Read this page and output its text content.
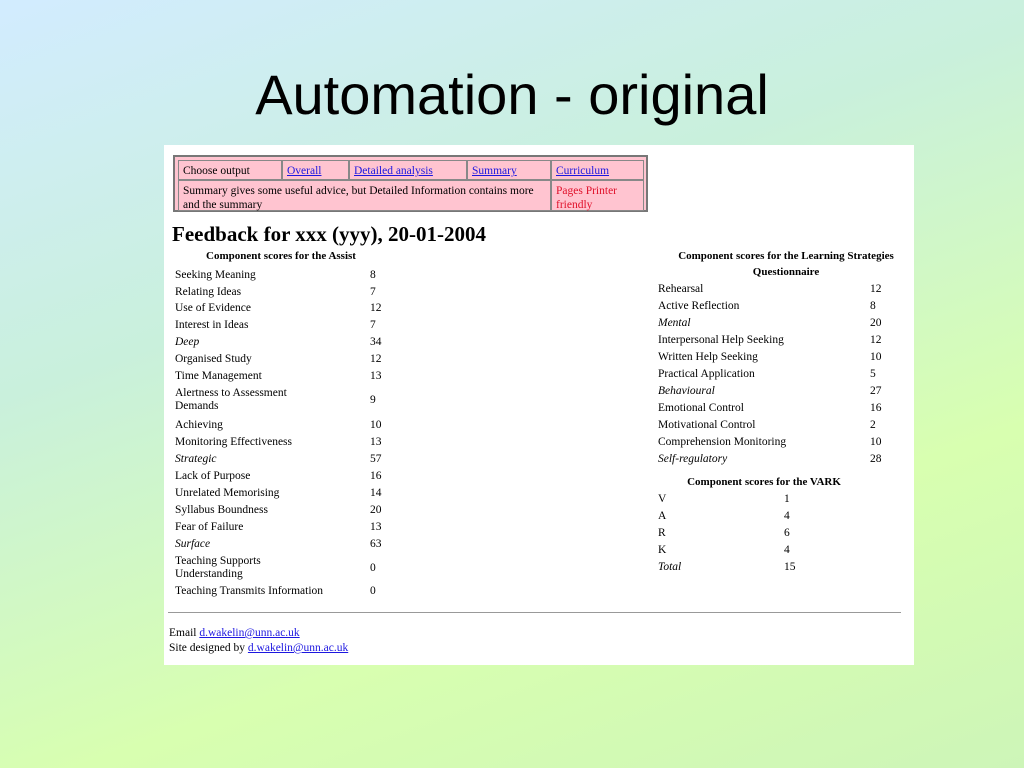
Automation - original
Choose output	Overall	Detailed analysis	Summary	Curriculum
Summary gives some useful advice, but Detailed Information contains more and the summary
Pages Printer friendly
Feedback for xxx (yyy), 20-01-2004
Component scores for the Assist
Seeking Meaning	8
Relating Ideas	7
Use of Evidence	12
Interest in Ideas	7
Deep	34
Organised Study	12
Time Management	13
Alertness to Assessment Demands	9
Achieving	10
Monitoring Effectiveness	13
Strategic	57
Lack of Purpose	16
Unrelated Memorising	14
Syllabus Boundness	20
Fear of Failure	13
Surface	63
Teaching Supports Understanding	0
Teaching Transmits Information	0
Component scores for the Learning Strategies Questionnaire
Rehearsal	12
Active Reflection	8
Mental	20
Interpersonal Help Seeking	12
Written Help Seeking	10
Practical Application	5
Behavioural	27
Emotional Control	16
Motivational Control	2
Comprehension Monitoring	10
Self-regulatory	28
Component scores for the VARK
V	1
A	4
R	6
K	4
Total	15
Email d.wakelin@unn.ac.uk
Site designed by d.wakelin@unn.ac.uk
